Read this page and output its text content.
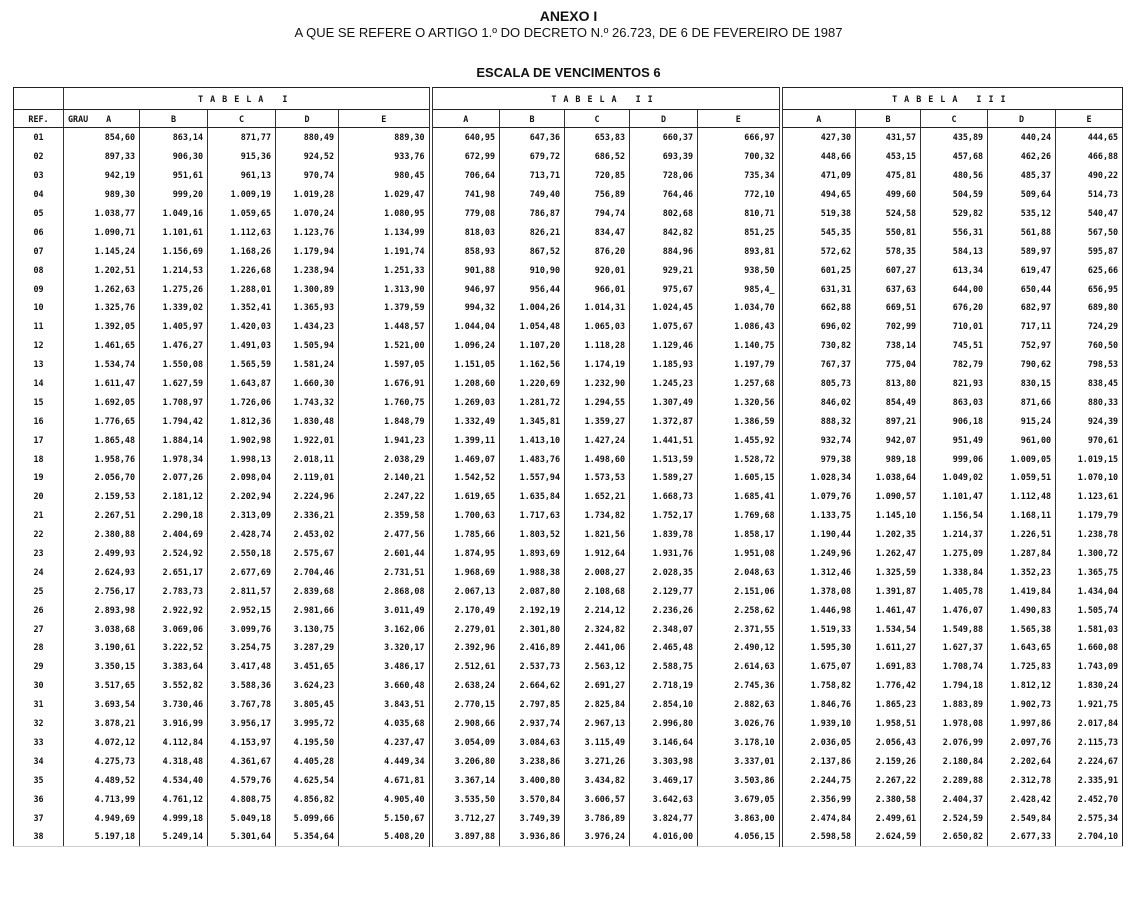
ANEXO I
A QUE SE REFERE O ARTIGO 1.º DO DECRETO N.º 26.723, DE 6 DE FEVEREIRO DE 1987
ESCALA DE VENCIMENTOS 6
	TABELA I					TABELA II					TABELA III				
REF.	GRAU A	B	C	D	E	A	B	C	D	E	A	B	C	D	E
01	854,60	863,14	871,77	880,49	889,30	640,95	647,36	653,83	660,37	666,97	427,30	431,57	435,89	440,24	444,65
02	897,33	906,30	915,36	924,52	933,76	672,99	679,72	686,52	693,39	700,32	448,66	453,15	457,68	462,26	466,88
03	942,19	951,61	961,13	970,74	980,45	706,64	713,71	720,85	728,06	735,34	471,09	475,81	480,56	485,37	490,22
04	989,30	999,20	1.009,19	1.019,28	1.029,47	741,98	749,40	756,89	764,46	772,10	494,65	499,60	504,59	509,64	514,73
05	1.038,77	1.049,16	1.059,65	1.070,24	1.080,95	779,08	786,87	794,74	802,68	810,71	519,38	524,58	529,82	535,12	540,47
06	1.090,71	1.101,61	1.112,63	1.123,76	1.134,99	818,03	826,21	834,47	842,82	851,25	545,35	550,81	556,31	561,88	567,50
07	1.145,24	1.156,69	1.168,26	1.179,94	1.191,74	858,93	867,52	876,20	884,96	893,81	572,62	578,35	584,13	589,97	595,87
08	1.202,51	1.214,53	1.226,68	1.238,94	1.251,33	901,88	910,90	920,01	929,21	938,50	601,25	607,27	613,34	619,47	625,66
09	1.262,63	1.275,26	1.288,01	1.300,89	1.313,90	946,97	956,44	966,01	975,67	985,4_	631,31	637,63	644,00	650,44	656,95
10	1.325,76	1.339,02	1.352,41	1.365,93	1.379,59	994,32	1.004,26	1.014,31	1.024,45	1.034,70	662,88	669,51	676,20	682,97	689,80
11	1.392,05	1.405,97	1.420,03	1.434,23	1.448,57	1.044,04	1.054,48	1.065,03	1.075,67	1.086,43	696,02	702,99	710,01	717,11	724,29
12	1.461,65	1.476,27	1.491,03	1.505,94	1.521,00	1.096,24	1.107,20	1.118,28	1.129,46	1.140,75	730,82	738,14	745,51	752,97	760,50
13	1.534,74	1.550,08	1.565,59	1.581,24	1.597,05	1.151,05	1.162,56	1.174,19	1.185,93	1.197,79	767,37	775,04	782,79	790,62	798,53
14	1.611,47	1.627,59	1.643,87	1.660,30	1.676,91	1.208,60	1.220,69	1.232,90	1.245,23	1.257,68	805,73	813,80	821,93	830,15	838,45
15	1.692,05	1.708,97	1.726,06	1.743,32	1.760,75	1.269,03	1.281,72	1.294,55	1.307,49	1.320,56	846,02	854,49	863,03	871,66	880,33
16	1.776,65	1.794,42	1.812,36	1.830,48	1.848,79	1.332,49	1.345,81	1.359,27	1.372,87	1.386,59	888,32	897,21	906,18	915,24	924,39
17	1.865,48	1.884,14	1.902,98	1.922,01	1.941,23	1.399,11	1.413,10	1.427,24	1.441,51	1.455,92	932,74	942,07	951,49	961,00	970,61
18	1.958,76	1.978,34	1.998,13	2.018,11	2.038,29	1.469,07	1.483,76	1.498,60	1.513,59	1.528,72	979,38	989,18	999,06	1.009,05	1.019,15
19	2.056,70	2.077,26	2.098,04	2.119,01	2.140,21	1.542,52	1.557,94	1.573,53	1.589,27	1.605,15	1.028,34	1.038,64	1.049,02	1.059,51	1.070,10
20	2.159,53	2.181,12	2.202,94	2.224,96	2.247,22	1.619,65	1.635,84	1.652,21	1.668,73	1.685,41	1.079,76	1.090,57	1.101,47	1.112,48	1.123,61
21	2.267,51	2.290,18	2.313,09	2.336,21	2.359,58	1.700,63	1.717,63	1.734,82	1.752,17	1.769,68	1.133,75	1.145,10	1.156,54	1.168,11	1.179,79
22	2.380,88	2.404,69	2.428,74	2.453,02	2.477,56	1.785,66	1.803,52	1.821,56	1.839,78	1.858,17	1.190,44	1.202,35	1.214,37	1.226,51	1.238,78
23	2.499,93	2.524,92	2.550,18	2.575,67	2.601,44	1.874,95	1.893,69	1.912,64	1.931,76	1.951,08	1.249,96	1.262,47	1.275,09	1.287,84	1.300,72
24	2.624,93	2.651,17	2.677,69	2.704,46	2.731,51	1.968,69	1.988,38	2.008,27	2.028,35	2.048,63	1.312,46	1.325,59	1.338,84	1.352,23	1.365,75
25	2.756,17	2.783,73	2.811,57	2.839,68	2.868,08	2.067,13	2.087,80	2.108,68	2.129,77	2.151,06	1.378,08	1.391,87	1.405,78	1.419,84	1.434,04
26	2.893,98	2.922,92	2.952,15	2.981,66	3.011,49	2.170,49	2.192,19	2.214,12	2.236,26	2.258,62	1.446,98	1.461,47	1.476,07	1.490,83	1.505,74
27	3.038,68	3.069,06	3.099,76	3.130,75	3.162,06	2.279,01	2.301,80	2.324,82	2.348,07	2.371,55	1.519,33	1.534,54	1.549,88	1.565,38	1.581,03
28	3.190,61	3.222,52	3.254,75	3.287,29	3.320,17	2.392,96	2.416,89	2.441,06	2.465,48	2.490,12	1.595,30	1.611,27	1.627,37	1.643,65	1.660,08
29	3.350,15	3.383,64	3.417,48	3.451,65	3.486,17	2.512,61	2.537,73	2.563,12	2.588,75	2.614,63	1.675,07	1.691,83	1.708,74	1.725,83	1.743,09
30	3.517,65	3.552,82	3.588,36	3.624,23	3.660,48	2.638,24	2.664,62	2.691,27	2.718,19	2.745,36	1.758,82	1.776,42	1.794,18	1.812,12	1.830,24
31	3.693,54	3.730,46	3.767,78	3.805,45	3.843,51	2.770,15	2.797,85	2.825,84	2.854,10	2.882,63	1.846,76	1.865,23	1.883,89	1.902,73	1.921,75
32	3.878,21	3.916,99	3.956,17	3.995,72	4.035,68	2.908,66	2.937,74	2.967,13	2.996,80	3.026,76	1.939,10	1.958,51	1.978,08	1.997,86	2.017,84
33	4.072,12	4.112,84	4.153,97	4.195,50	4.237,47	3.054,09	3.084,63	3.115,49	3.146,64	3.178,10	2.036,05	2.056,43	2.076,99	2.097,76	2.115,73
34	4.275,73	4.318,48	4.361,67	4.405,28	4.449,34	3.206,80	3.238,86	3.271,26	3.303,98	3.337,01	2.137,86	2.159,26	2.180,84	2.202,64	2.224,67
35	4.489,52	4.534,40	4.579,76	4.625,54	4.671,81	3.367,14	3.400,80	3.434,82	3.469,17	3.503,86	2.244,75	2.267,22	2.289,88	2.312,78	2.335,91
36	4.713,99	4.761,12	4.808,75	4.856,82	4.905,40	3.535,50	3.570,84	3.606,57	3.642,63	3.679,05	2.356,99	2.380,58	2.404,37	2.428,42	2.452,70
37	4.949,69	4.999,18	5.049,18	5.099,66	5.150,67	3.712,27	3.749,39	3.786,89	3.824,77	3.863,00	2.474,84	2.499,61	2.524,59	2.549,84	2.575,34
38	5.197,18	5.249,14	5.301,64	5.354,64	5.408,20	3.897,88	3.936,86	3.976,24	4.016,00	4.056,15	2.598,58	2.624,59	2.650,82	2.677,33	2.704,10
